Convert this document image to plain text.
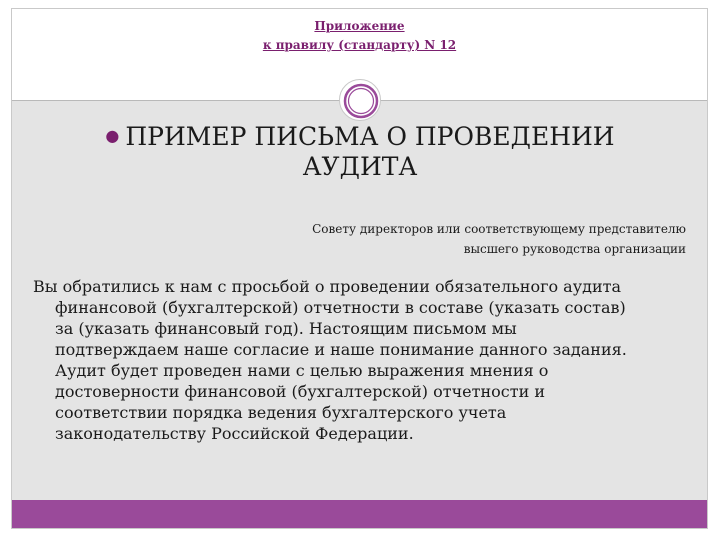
Приложение
к правилу (стандарту) N 12
● ПРИМЕР ПИСЬМА О ПРОВЕДЕНИИ
АУДИТА
Совету директоров или соответствующему представителю
высшего руководства организации
Вы обратились к нам с просьбой о проведении обязательного аудита
финансовой (бухгалтерской) отчетности в составе (указать состав)
за (указать финансовый год). Настоящим письмом мы
подтверждаем наше согласие и наше понимание данного задания.
Аудит будет проведен нами с целью выражения мнения о
достоверности финансовой (бухгалтерской) отчетности и
соответствии порядка ведения бухгалтерского учета
законодательству Российской Федерации.
